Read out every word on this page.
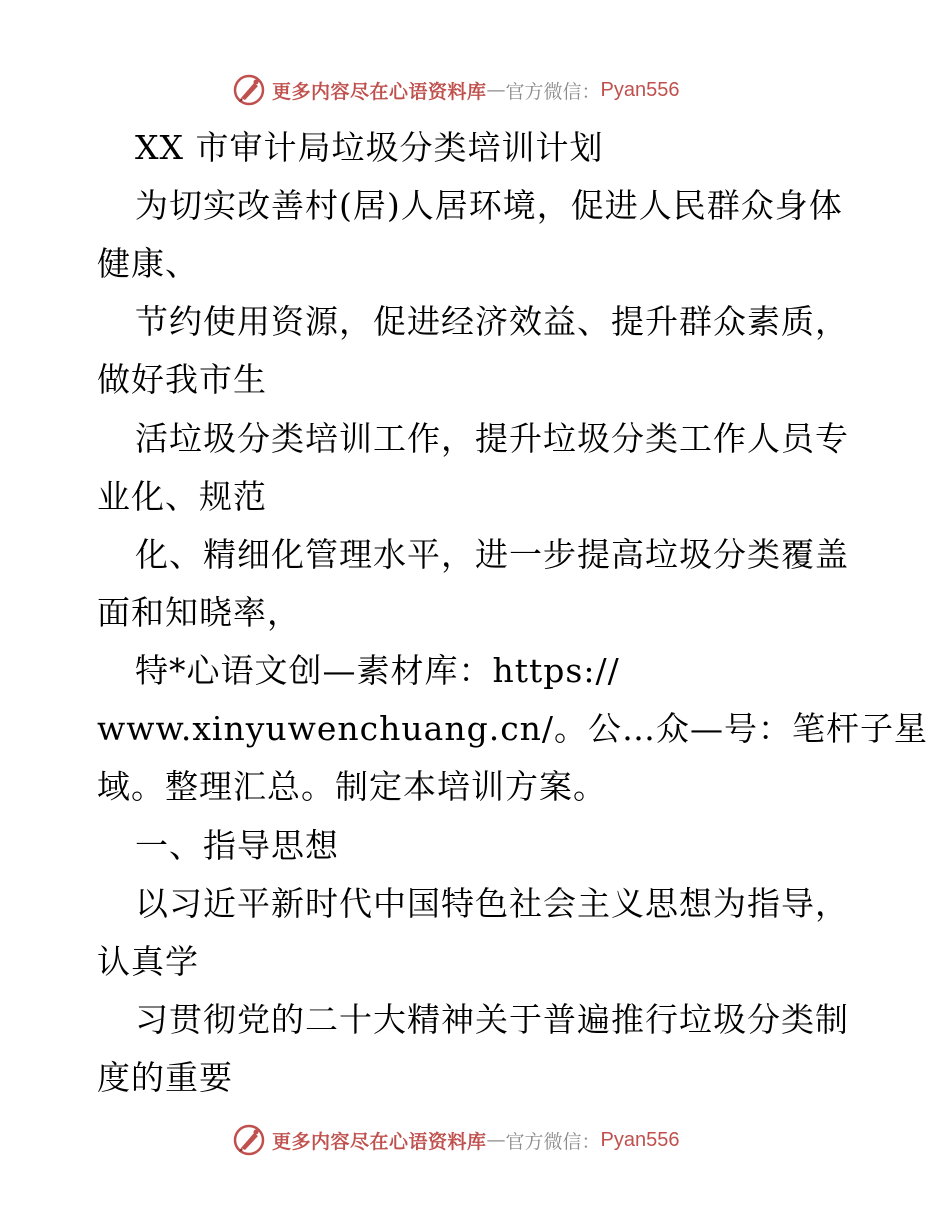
更多内容尽在心语资料库 — 官方微信： Pyan556
XX 市审计局垃圾分类培训计划
为切实改善村(居)人居环境，促进人民群众身体
健康、
节约使用资源，促进经济效益、提升群众素质，
做好我市生
活垃圾分类培训工作，提升垃圾分类工作人员专
业化、规范
化、精细化管理水平，进一步提高垃圾分类覆盖
面和知晓率，
特*心语文创—素材库：https://
www.xinyuwenchuang.cn/。公…众—号：笔杆子星
域。整理汇总。制定本培训方案。
一、指导思想
以习近平新时代中国特色社会主义思想为指导，
认真学
习贯彻党的二十大精神关于普遍推行垃圾分类制
度的重要
更多内容尽在心语资料库 — 官方微信： Pyan556
